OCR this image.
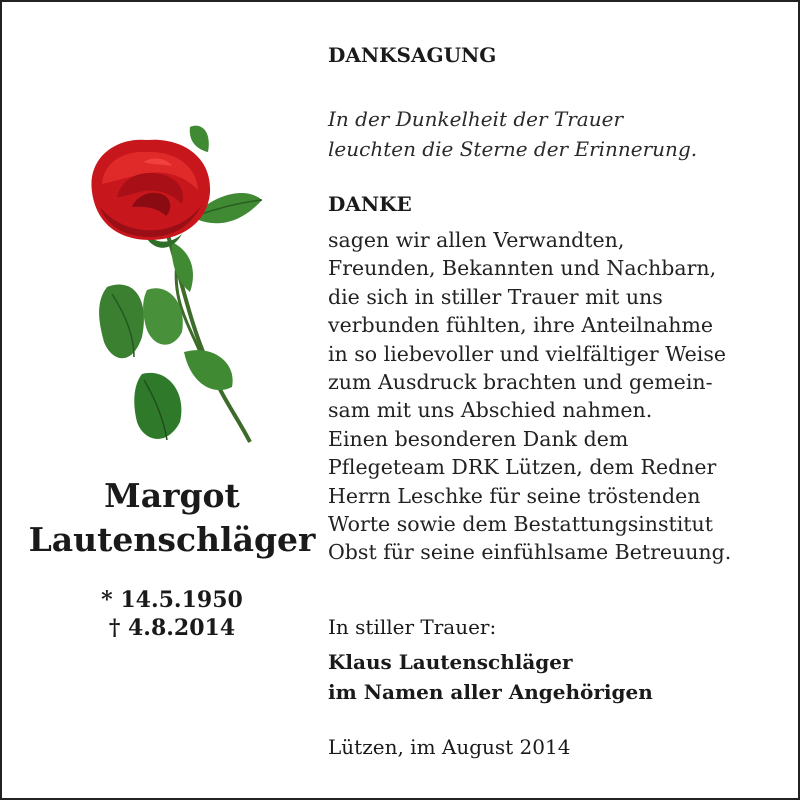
Margot
Lautenschläger
* 14.5.1950
† 4.8.2014
DANKSAGUNG
In der Dunkelheit der Trauer
leuchten die Sterne der Erinnerung.
DANKE
sagen wir allen Verwandten,
Freunden, Bekannten und Nachbarn,
die sich in stiller Trauer mit uns
verbunden fühlten, ihre Anteilnahme
in so liebevoller und vielfältiger Weise
zum Ausdruck brachten und gemein-
sam mit uns Abschied nahmen.
Einen besonderen Dank dem
Pflegeteam DRK Lützen, dem Redner
Herrn Leschke für seine tröstenden
Worte sowie dem Bestattungsinstitut
Obst für seine einfühlsame Betreuung.
In stiller Trauer:
Klaus Lautenschläger
im Namen aller Angehörigen
Lützen, im August 2014
